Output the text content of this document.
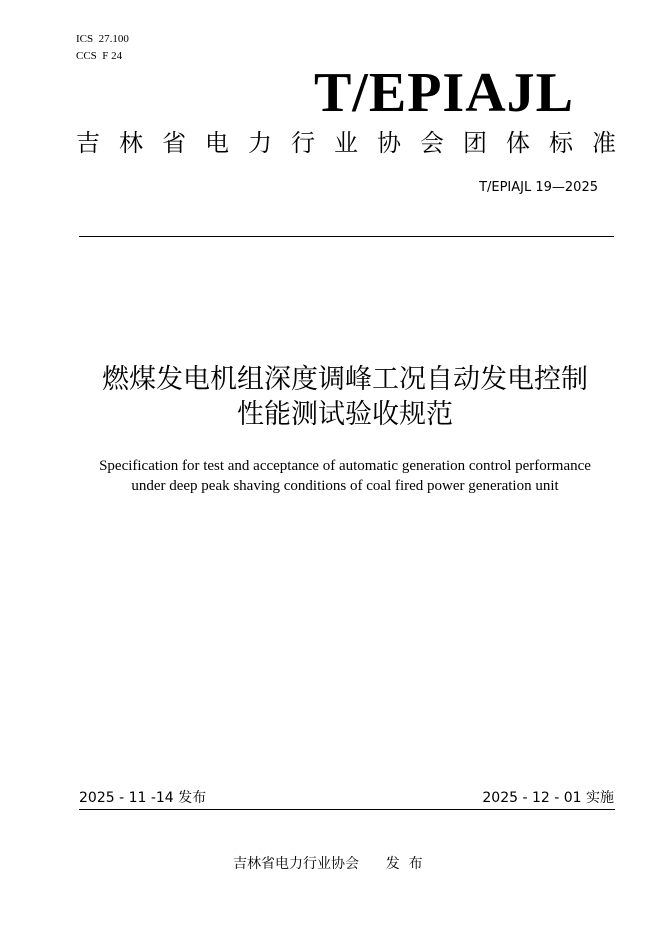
ICS  27.100
CCS  F 24
T/EPIAJL
吉 林 省 电 力 行 业 协 会 团 体 标 准
T/EPIAJL 19—2025
燃煤发电机组深度调峰工况自动发电控制
性能测试验收规范
Specification for test and acceptance of automatic generation control performance
under deep peak shaving conditions of coal fired power generation unit
2025 - 11 -14 发布	2025 - 12 - 01 实施
吉林省电力行业协会      发  布
